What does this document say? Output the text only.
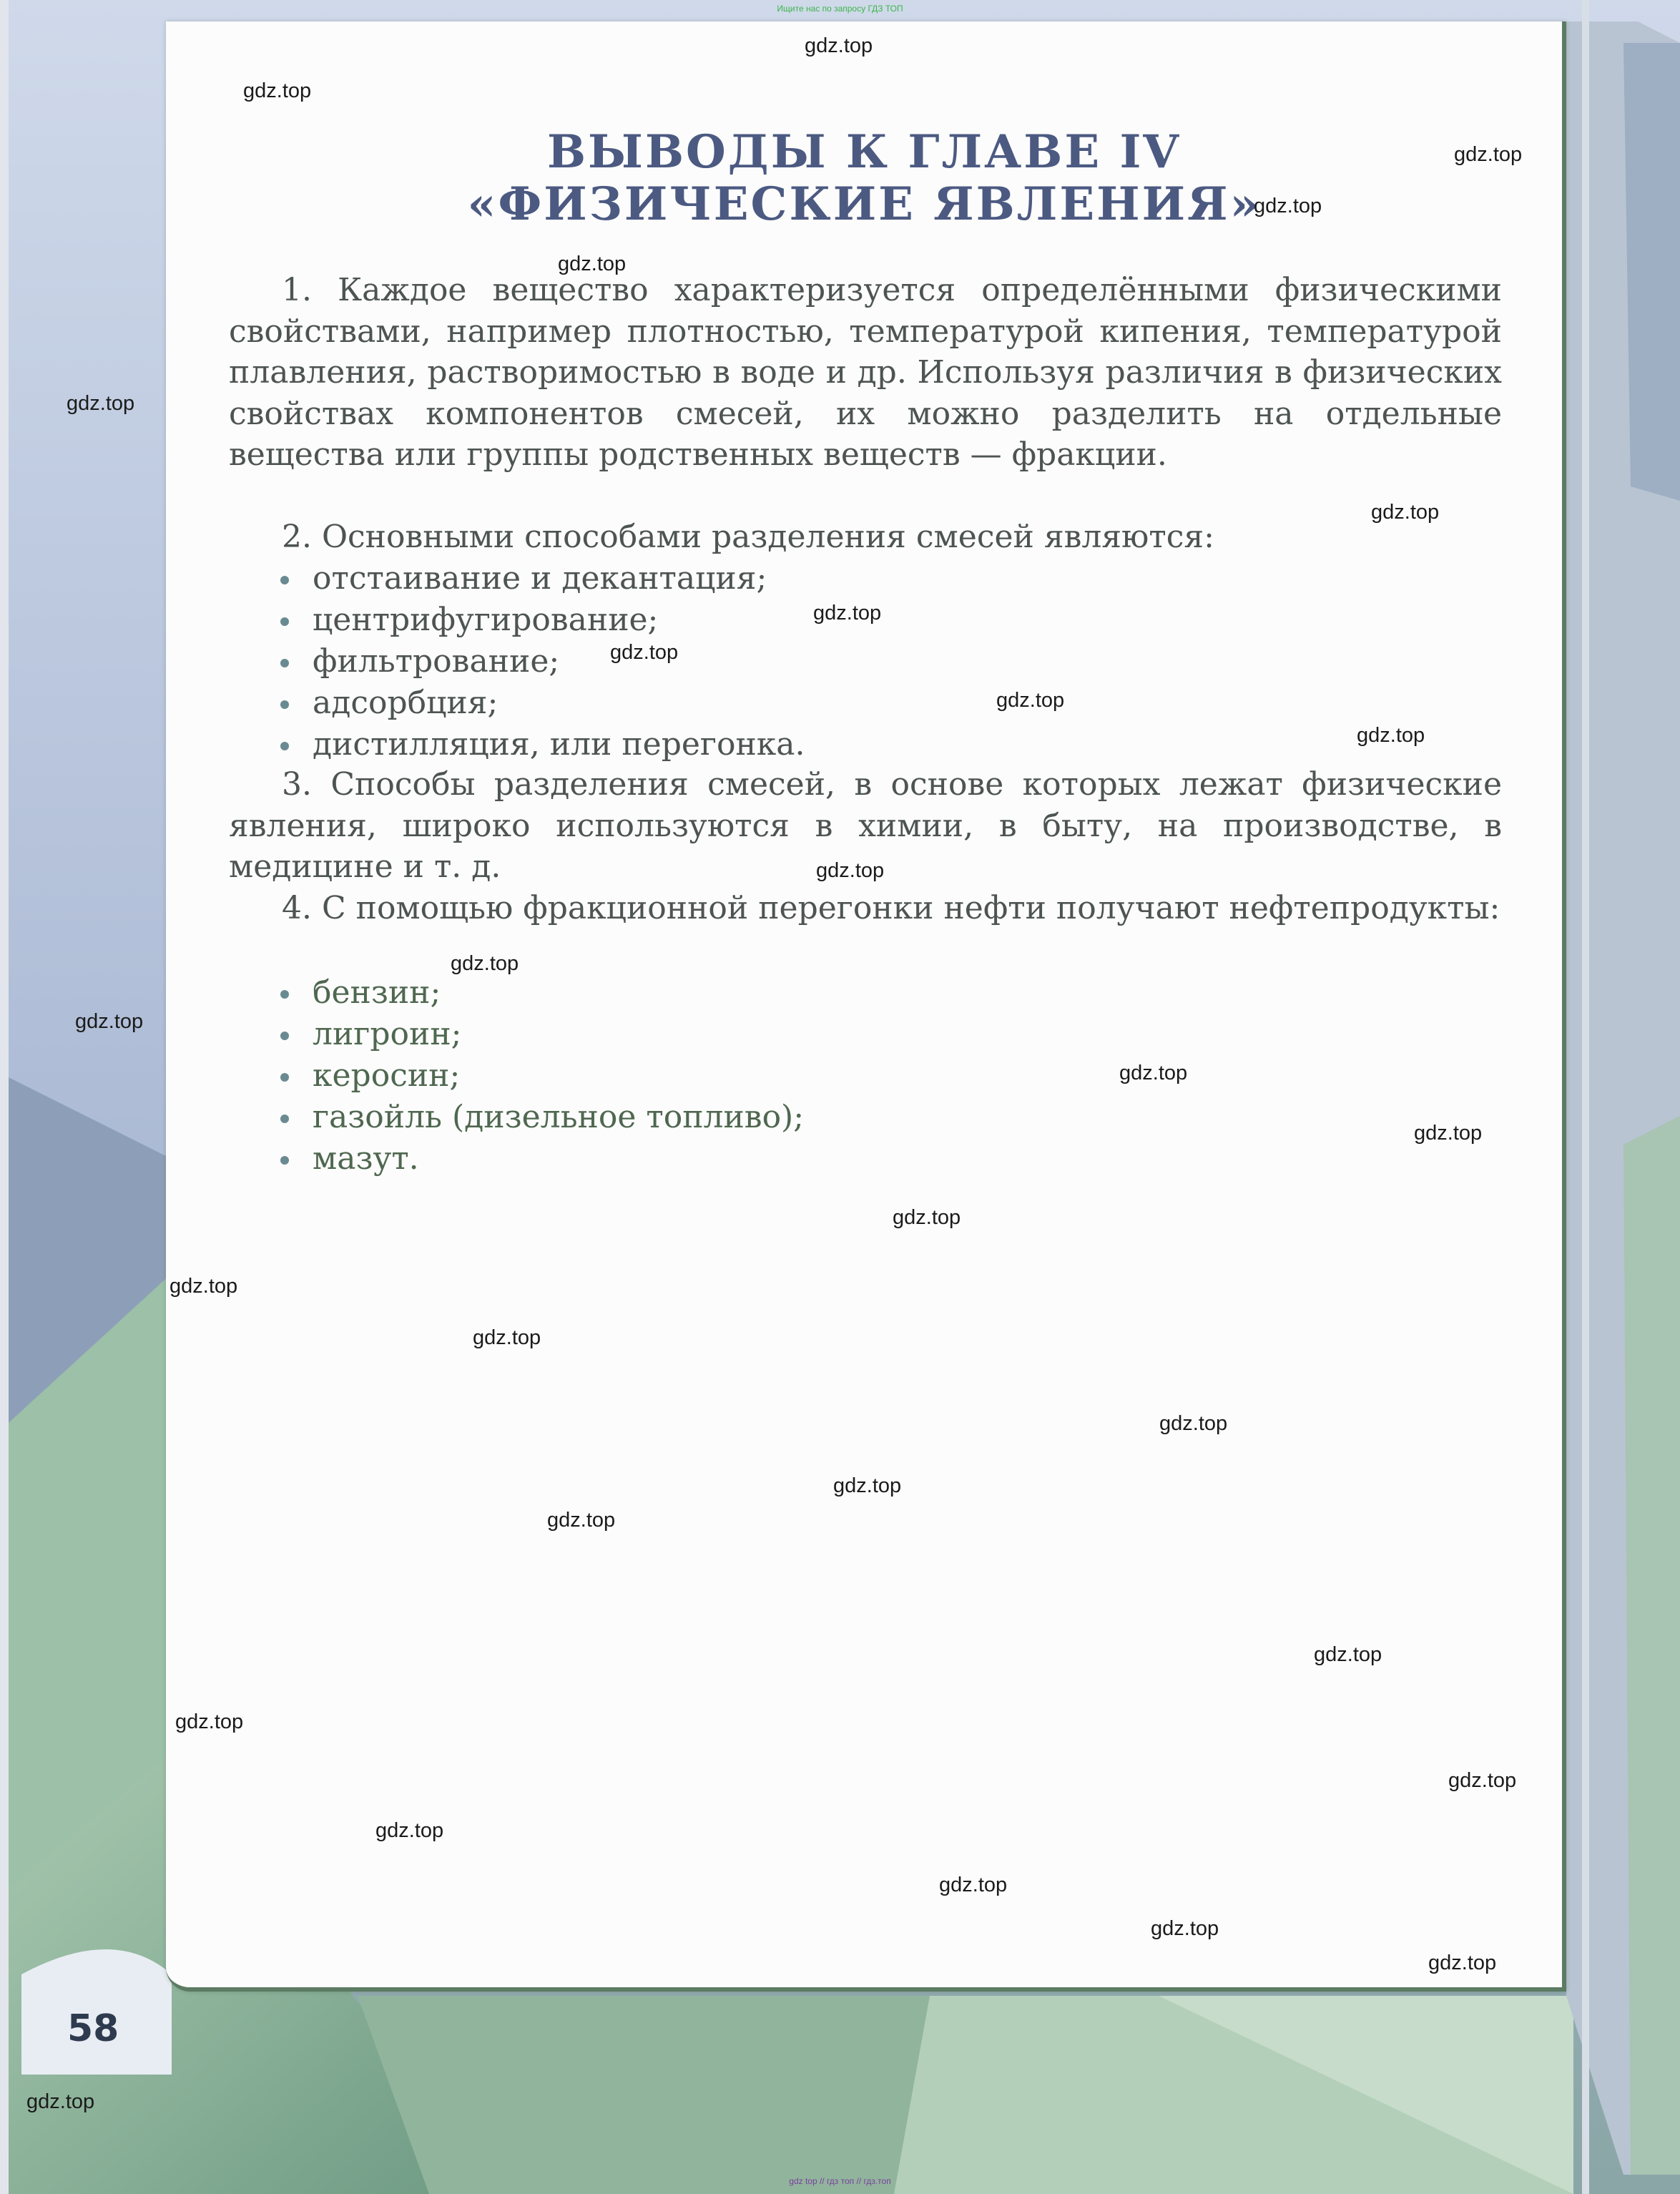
Ищите нас по запросу ГДЗ ТОП
ВЫВОДЫ К ГЛАВЕ IV
«ФИЗИЧЕСКИЕ ЯВЛЕНИЯ»

1. Каждое вещество характеризуется определёнными физическими свойствами, например плотностью, температурой кипения, температурой плавления, растворимостью в воде и др. Используя различия в физических свойствах компонентов смесей, их можно разделить на отдельные вещества или группы родственных веществ — фракции.

2. Основными способами разделения смесей являются:

отстаивание и декантация;
центрифугирование;
фильтрование;
адсорбция;
дистилляция, или перегонка.

3. Способы разделения смесей, в основе которых лежат физические явления, широко используются в химии, в быту, на производстве, в медицине и т. д.

4. С помощью фракционной перегонки нефти получают нефтепродукты:

бензин;
лигроин;
керосин;
газойль (дизельное топливо);
мазут.
gdz.top
gdz.top
gdz.top
gdz.top
gdz.top
gdz.top
gdz.top
gdz.top
gdz.top
gdz.top
gdz.top
gdz.top
gdz.top
gdz.top
gdz.top
gdz.top
gdz.top
gdz.top
gdz.top
gdz.top
gdz.top
gdz.top
gdz.top
gdz.top
gdz.top
gdz.top
gdz.top
gdz.top
gdz.top
gdz.top
58
gdz top // гдз топ // гдз.топ
